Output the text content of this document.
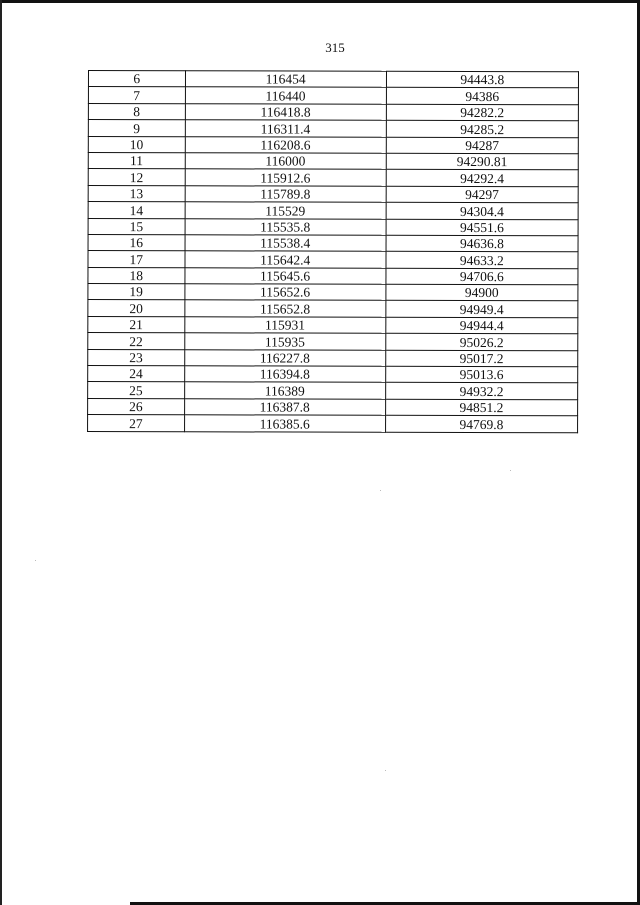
315
6	116454	94443.8
7	116440	94386
8	116418.8	94282.2
9	116311.4	94285.2
10	116208.6	94287
11	116000	94290.81
12	115912.6	94292.4
13	115789.8	94297
14	115529	94304.4
15	115535.8	94551.6
16	115538.4	94636.8
17	115642.4	94633.2
18	115645.6	94706.6
19	115652.6	94900
20	115652.8	94949.4
21	115931	94944.4
22	115935	95026.2
23	116227.8	95017.2
24	116394.8	95013.6
25	116389	94932.2
26	116387.8	94851.2
27	116385.6	94769.8
